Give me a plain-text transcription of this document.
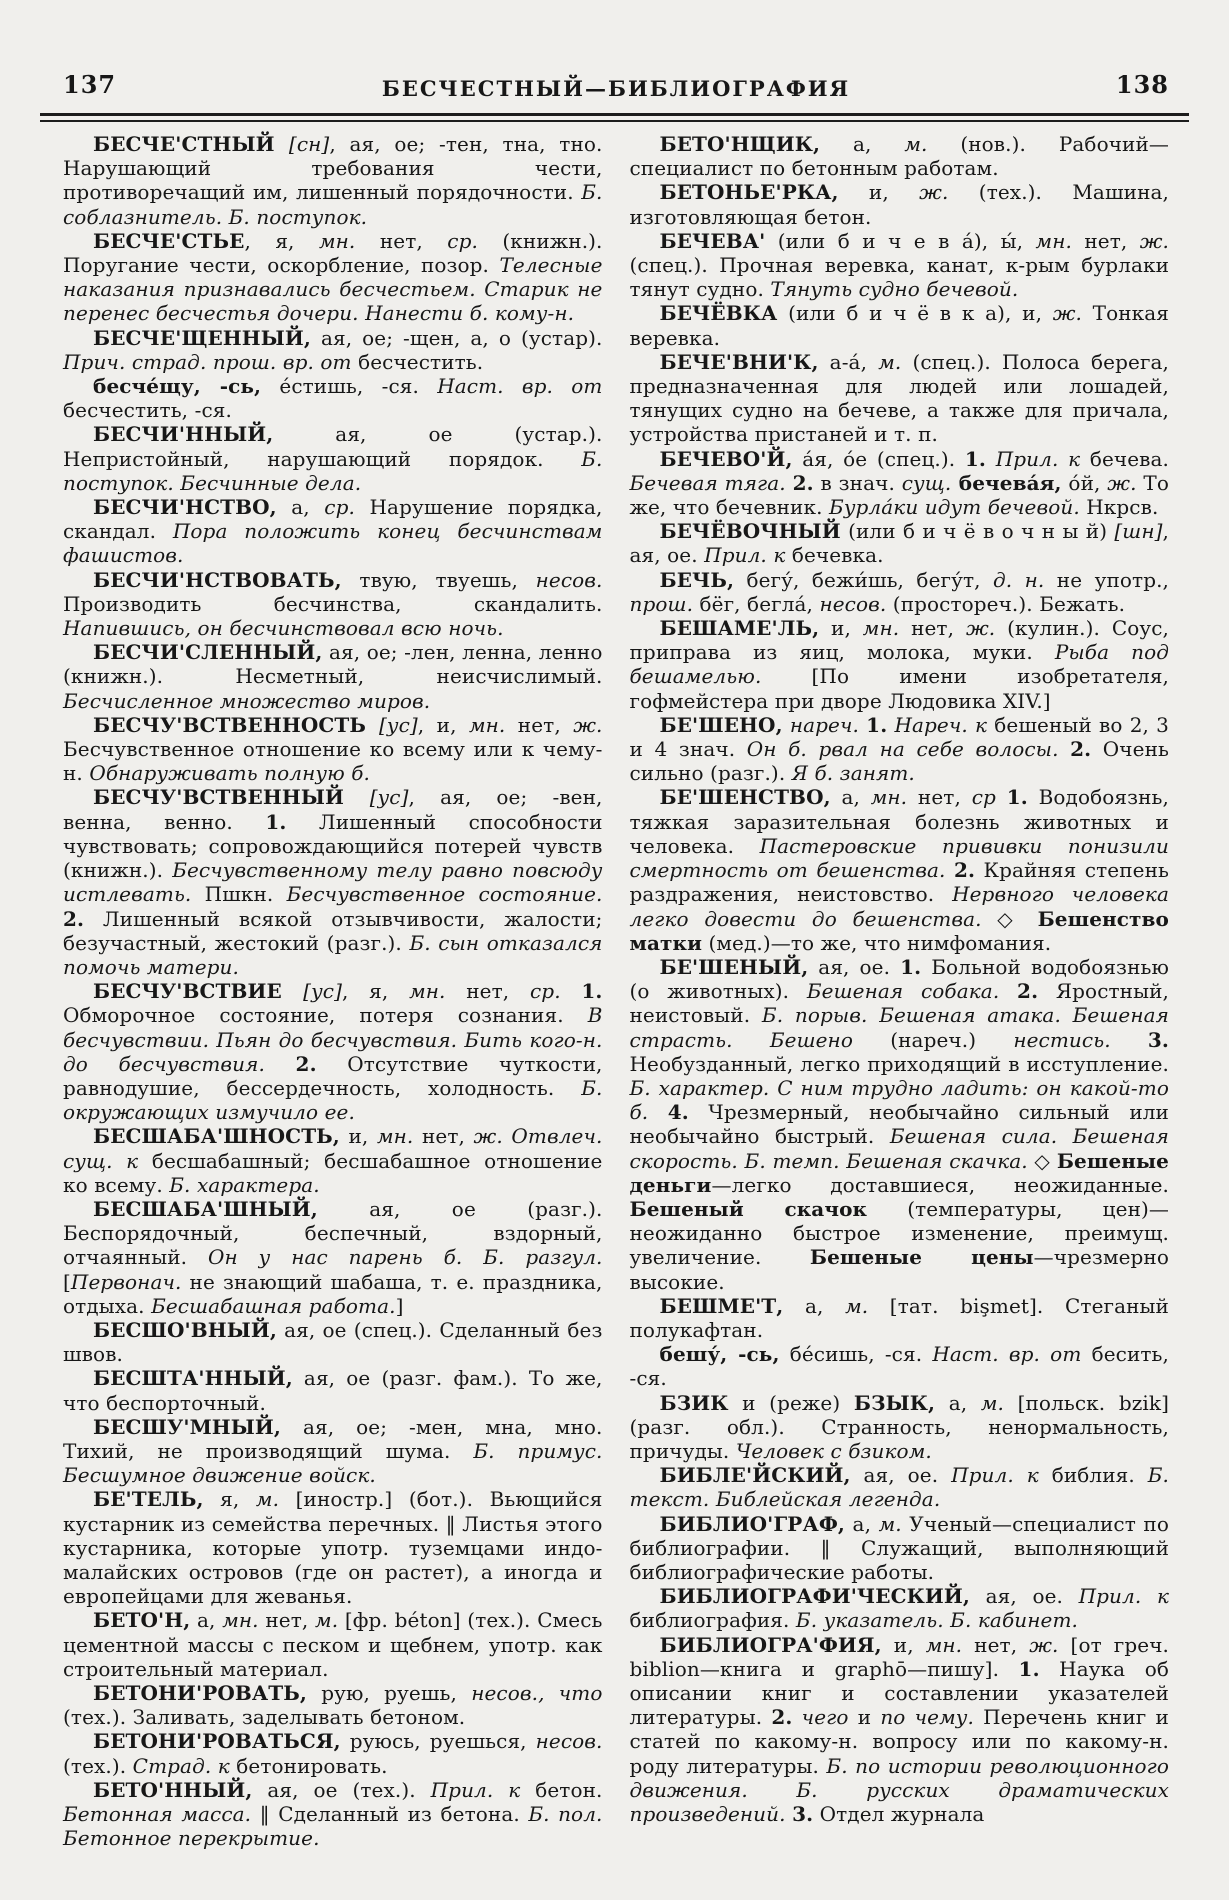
137	БЕСЧЕСТНЫЙ—БИБЛИОГРАФИЯ	138

БЕСЧЕ'СТНЫЙ [сн], ая, ое; -тен, тна, тно. Нарушающий требования чести, противоречащий им, лишенный порядочности. Б. соблазнитель. Б. поступок.

БЕСЧЕ'СТЬЕ, я, мн. нет, ср. (книжн.). Поругание чести, оскорбление, позор. Телесные наказания признавались бесчестьем. Старик не перенес бесчестья дочери. Нанести б. кому-н.

БЕСЧЕ'ЩЕННЫЙ, ая, ое; -щен, а, о (устар). Прич. страд. прош. вр. от бесчестить.

бесче́щу, -сь, е́стишь, -ся. Наст. вр. от бесчестить, -ся.

БЕСЧИ'ННЫЙ, ая, ое (устар.). Непристойный, нарушающий порядок. Б. поступок. Бесчинные дела.

БЕСЧИ'НСТВО, а, ср. Нарушение порядка, скандал. Пора положить конец бесчинствам фашистов.

БЕСЧИ'НСТВОВАТЬ, твую, твуешь, несов. Производить бесчинства, скандалить. Напившись, он бесчинствовал всю ночь.

БЕСЧИ'СЛЕННЫЙ, ая, ое; -лен, ленна, ленно (книжн.). Несметный, неисчислимый. Бесчисленное множество миров.

БЕСЧУ'ВСТВЕННОСТЬ [ус], и, мн. нет, ж. Бесчувственное отношение ко всему или к чему-н. Обнаруживать полную б.

БЕСЧУ'ВСТВЕННЫЙ [ус], ая, ое; -вен, венна, венно. 1. Лишенный способности чувствовать; сопровождающийся потерей чувств (книжн.). Бесчувственному телу равно повсюду истлевать. Пшкн. Бесчувственное состояние. 2. Лишенный всякой отзывчивости, жалости; безучастный, жестокий (разг.). Б. сын отказался помочь матери.

БЕСЧУ'ВСТВИЕ [ус], я, мн. нет, ср. 1. Обморочное состояние, потеря сознания. В бесчувствии. Пьян до бесчувствия. Бить кого-н. до бесчувствия. 2. Отсутствие чуткости, равнодушие, бессердечность, холодность. Б. окружающих измучило ее.

БЕСШАБА'ШНОСТЬ, и, мн. нет, ж. Отвлеч. сущ. к бесшабашный; бесшабашное отношение ко всему. Б. характера.

БЕСШАБА'ШНЫЙ, ая, ое (разг.). Беспорядочный, беспечный, вздорный, отчаянный. Он у нас парень б. Б. разгул. [Первонач. не знающий шабаша, т. е. праздника, отдыха. Бесшабашная работа.]

БЕСШО'ВНЫЙ, ая, ое (спец.). Сделанный без швов.

БЕСШТА'ННЫЙ, ая, ое (разг. фам.). То же, что беспорточный.

БЕСШУ'МНЫЙ, ая, ое; -мен, мна, мно. Тихий, не производящий шума. Б. примус. Бесшумное движение войск.

БЕ'ТЕЛЬ, я, м. [иностр.] (бот.). Вьющийся кустарник из семейства перечных. ‖ Листья этого кустарника, которые употр. туземцами индо-малайских островов (где он растет), а иногда и европейцами для жеванья.

БЕТО'Н, а, мн. нет, м. [фр. béton] (тех.). Смесь цементной массы с песком и щебнем, употр. как строительный материал.

БЕТОНИ'РОВАТЬ, рую, руешь, несов., что (тех.). Заливать, заделывать бетоном.

БЕТОНИ'РОВАТЬСЯ, руюсь, руешься, несов. (тех.). Страд. к бетонировать.

БЕТО'ННЫЙ, ая, ое (тех.). Прил. к бетон. Бетонная масса. ‖ Сделанный из бетона. Б. пол. Бетонное перекрытие.

БЕТО'НЩИК, а, м. (нов.). Рабочий—специалист по бетонным работам.

БЕТОНЬЕ'РКА, и, ж. (тех.). Машина, изготовляющая бетон.

БЕЧЕВА' (или б и ч е в а́), ы́, мн. нет, ж. (спец.). Прочная веревка, канат, к-рым бурлаки тянут судно. Тянуть судно бечевой.

БЕЧЁВКА (или б и ч ё в к а), и, ж. Тонкая веревка.

БЕЧЕ'ВНИ'К, а-а́, м. (спец.). Полоса берега, предназначенная для людей или лошадей, тянущих судно на бечеве, а также для причала, устройства пристаней и т. п.

БЕЧЕВО'Й, а́я, о́е (спец.). 1. Прил. к бечева. Бечевая тяга. 2. в знач. сущ. бечева́я, о́й, ж. То же, что бечевник. Бурла́ки идут бечевой. Нкрсв.

БЕЧЁВОЧНЫЙ (или б и ч ё в о ч н ы й) [шн], ая, ое. Прил. к бечевка.

БЕЧЬ, бегу́, бежи́шь, бегу́т, д. н. не употр., прош. бёг, бегла́, несов. (простореч.). Бежать.

БЕШАМЕ'ЛЬ, и, мн. нет, ж. (кулин.). Соус, приправа из яиц, молока, муки. Рыба под бешамелью. [По имени изобретателя, гофмейстера при дворе Людовика XIV.]

БЕ'ШЕНО, нареч. 1. Нареч. к бешеный во 2, 3 и 4 знач. Он б. рвал на себе волосы. 2. Очень сильно (разг.). Я б. занят.

БЕ'ШЕНСТВО, а, мн. нет, ср 1. Водобоязнь, тяжкая заразительная болезнь животных и человека. Пастеровские прививки понизили смертность от бешенства. 2. Крайняя степень раздражения, неистовство. Нервного человека легко довести до бешенства. ◇ Бешенство матки (мед.)—то же, что нимфомания.

БЕ'ШЕНЫЙ, ая, ое. 1. Больной водобоязнью (о животных). Бешеная собака. 2. Яростный, неистовый. Б. порыв. Бешеная атака. Бешеная страсть. Бешено (нареч.) нестись. 3. Необузданный, легко приходящий в исступление. Б. характер. С ним трудно ладить: он какой-то б. 4. Чрезмерный, необычайно сильный или необычайно быстрый. Бешеная сила. Бешеная скорость. Б. темп. Бешеная скачка. ◇ Бешеные деньги—легко доставшиеся, неожиданные. Бешеный скачок (температуры, цен)—неожиданно быстрое изменение, преимущ. увеличение. Бешеные цены—чрезмерно высокие.

БЕШМЕ'Т, а, м. [тат. bişmet]. Стеганый полукафтан.

бешу́, -сь, бе́сишь, -ся. Наст. вр. от бесить, -ся.

БЗИК и (реже) БЗЫК, а, м. [польск. bzik] (разг. обл.). Странность, ненормальность, причуды. Человек с бзиком.

БИБЛЕ'ЙСКИЙ, ая, ое. Прил. к библия. Б. текст. Библейская легенда.

БИБЛИО'ГРАФ, а, м. Ученый—специалист по библиографии. ‖ Служащий, выполняющий библиографические работы.

БИБЛИОГРАФИ'ЧЕСКИЙ, ая, ое. Прил. к библиография. Б. указатель. Б. кабинет.

БИБЛИОГРА'ФИЯ, и, мн. нет, ж. [от греч. biblion—книга и graphō—пишу]. 1. Наука об описании книг и составлении указателей литературы. 2. чего и по чему. Перечень книг и статей по какому-н. вопросу или по какому-н. роду литературы. Б. по истории революционного движения. Б. русских драматических произведений. 3. Отдел журнала
